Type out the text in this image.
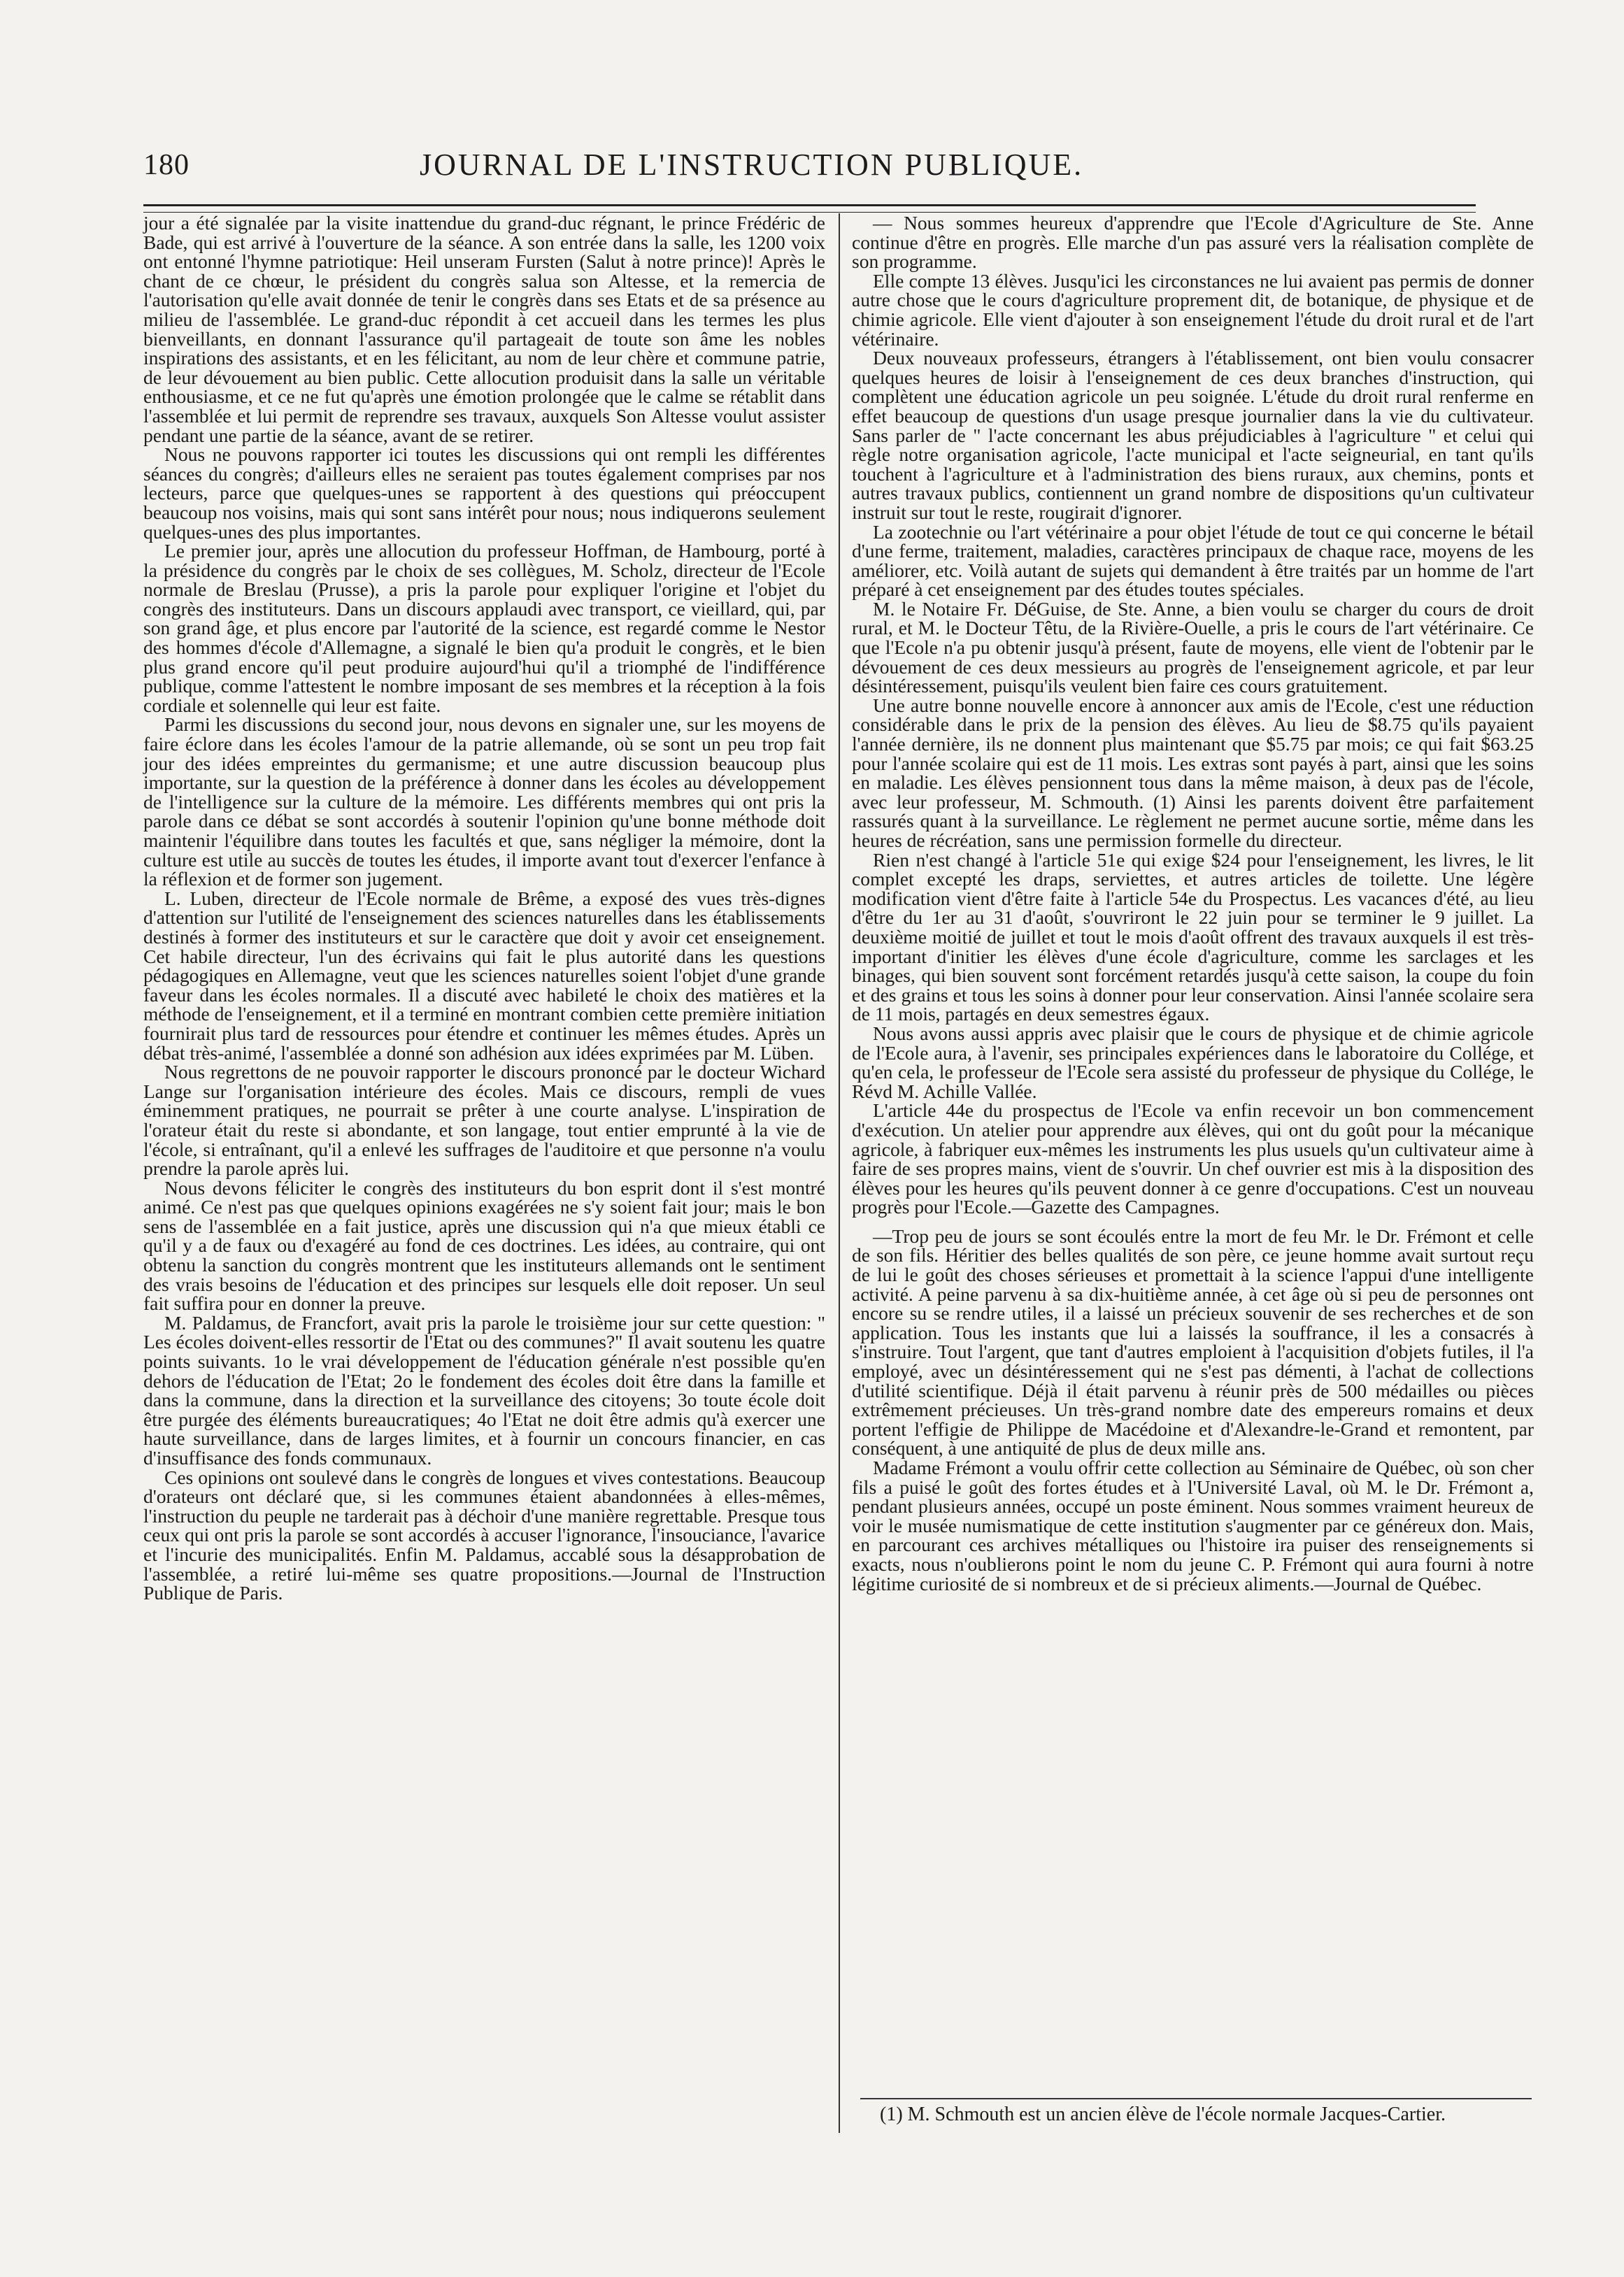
180	JOURNAL DE L'INSTRUCTION PUBLIQUE.

jour a été signalée par la visite inattendue du grand-duc régnant, le prince Frédéric de Bade, qui est arrivé à l'ouverture de la séance. A son entrée dans la salle, les 1200 voix ont entonné l'hymne patriotique: Heil unseram Fursten (Salut à notre prince)! Après le chant de ce chœur, le président du congrès salua son Altesse, et la remercia de l'autorisation qu'elle avait donnée de tenir le congrès dans ses Etats et de sa présence au milieu de l'assemblée. Le grand-duc répondit à cet accueil dans les termes les plus bienveillants, en donnant l'assurance qu'il partageait de toute son âme les nobles inspirations des assistants, et en les félicitant, au nom de leur chère et commune patrie, de leur dévouement au bien public. Cette allocution produisit dans la salle un véritable enthousiasme, et ce ne fut qu'après une émotion prolongée que le calme se rétablit dans l'assemblée et lui permit de reprendre ses travaux, auxquels Son Altesse voulut assister pendant une partie de la séance, avant de se retirer.

Nous ne pouvons rapporter ici toutes les discussions qui ont rempli les différentes séances du congrès; d'ailleurs elles ne seraient pas toutes également comprises par nos lecteurs, parce que quelques-unes se rapportent à des questions qui préoccupent beaucoup nos voisins, mais qui sont sans intérêt pour nous; nous indiquerons seulement quelques-unes des plus importantes.

Le premier jour, après une allocution du professeur Hoffman, de Hambourg, porté à la présidence du congrès par le choix de ses collègues, M. Scholz, directeur de l'Ecole normale de Breslau (Prusse), a pris la parole pour expliquer l'origine et l'objet du congrès des instituteurs. Dans un discours applaudi avec transport, ce vieillard, qui, par son grand âge, et plus encore par l'autorité de la science, est regardé comme le Nestor des hommes d'école d'Allemagne, a signalé le bien qu'a produit le congrès, et le bien plus grand encore qu'il peut produire aujourd'hui qu'il a triomphé de l'indifférence publique, comme l'attestent le nombre imposant de ses membres et la réception à la fois cordiale et solennelle qui leur est faite.

Parmi les discussions du second jour, nous devons en signaler une, sur les moyens de faire éclore dans les écoles l'amour de la patrie allemande, où se sont un peu trop fait jour des idées empreintes du germanisme; et une autre discussion beaucoup plus importante, sur la question de la préférence à donner dans les écoles au développement de l'intelligence sur la culture de la mémoire. Les différents membres qui ont pris la parole dans ce débat se sont accordés à soutenir l'opinion qu'une bonne méthode doit maintenir l'équilibre dans toutes les facultés et que, sans négliger la mémoire, dont la culture est utile au succès de toutes les études, il importe avant tout d'exercer l'enfance à la réflexion et de former son jugement.

L. Luben, directeur de l'Ecole normale de Brême, a exposé des vues très-dignes d'attention sur l'utilité de l'enseignement des sciences naturelles dans les établissements destinés à former des instituteurs et sur le caractère que doit y avoir cet enseignement. Cet habile directeur, l'un des écrivains qui fait le plus autorité dans les questions pédagogiques en Allemagne, veut que les sciences naturelles soient l'objet d'une grande faveur dans les écoles normales. Il a discuté avec habileté le choix des matières et la méthode de l'enseignement, et il a terminé en montrant combien cette première initiation fournirait plus tard de ressources pour étendre et continuer les mêmes études. Après un débat très-animé, l'assemblée a donné son adhésion aux idées exprimées par M. Lüben.

Nous regrettons de ne pouvoir rapporter le discours prononcé par le docteur Wichard Lange sur l'organisation intérieure des écoles. Mais ce discours, rempli de vues éminemment pratiques, ne pourrait se prêter à une courte analyse. L'inspiration de l'orateur était du reste si abondante, et son langage, tout entier emprunté à la vie de l'école, si entraînant, qu'il a enlevé les suffrages de l'auditoire et que personne n'a voulu prendre la parole après lui.

Nous devons féliciter le congrès des instituteurs du bon esprit dont il s'est montré animé. Ce n'est pas que quelques opinions exagérées ne s'y soient fait jour; mais le bon sens de l'assemblée en a fait justice, après une discussion qui n'a que mieux établi ce qu'il y a de faux ou d'exagéré au fond de ces doctrines. Les idées, au contraire, qui ont obtenu la sanction du congrès montrent que les instituteurs allemands ont le sentiment des vrais besoins de l'éducation et des principes sur lesquels elle doit reposer. Un seul fait suffira pour en donner la preuve.

M. Paldamus, de Francfort, avait pris la parole le troisième jour sur cette question: " Les écoles doivent-elles ressortir de l'Etat ou des communes?" Il avait soutenu les quatre points suivants. 1o le vrai développement de l'éducation générale n'est possible qu'en dehors de l'éducation de l'Etat; 2o le fondement des écoles doit être dans la famille et dans la commune, dans la direction et la surveillance des citoyens; 3o toute école doit être purgée des éléments bureaucratiques; 4o l'Etat ne doit être admis qu'à exercer une haute surveillance, dans de larges limites, et à fournir un concours financier, en cas d'insuffisance des fonds communaux.

Ces opinions ont soulevé dans le congrès de longues et vives contestations. Beaucoup d'orateurs ont déclaré que, si les communes étaient abandonnées à elles-mêmes, l'instruction du peuple ne tarderait pas à déchoir d'une manière regrettable. Presque tous ceux qui ont pris la parole se sont accordés à accuser l'ignorance, l'insouciance, l'avarice et l'incurie des municipalités. Enfin M. Paldamus, accablé sous la désapprobation de l'assemblée, a retiré lui-même ses quatre propositions.—Journal de l'Instruction Publique de Paris.

— Nous sommes heureux d'apprendre que l'Ecole d'Agriculture de Ste. Anne continue d'être en progrès. Elle marche d'un pas assuré vers la réalisation complète de son programme.

Elle compte 13 élèves. Jusqu'ici les circonstances ne lui avaient pas permis de donner autre chose que le cours d'agriculture proprement dit, de botanique, de physique et de chimie agricole. Elle vient d'ajouter à son enseignement l'étude du droit rural et de l'art vétérinaire.

Deux nouveaux professeurs, étrangers à l'établissement, ont bien voulu consacrer quelques heures de loisir à l'enseignement de ces deux branches d'instruction, qui complètent une éducation agricole un peu soignée. L'étude du droit rural renferme en effet beaucoup de questions d'un usage presque journalier dans la vie du cultivateur. Sans parler de " l'acte concernant les abus préjudiciables à l'agriculture " et celui qui règle notre organisation agricole, l'acte municipal et l'acte seigneurial, en tant qu'ils touchent à l'agriculture et à l'administration des biens ruraux, aux chemins, ponts et autres travaux publics, contiennent un grand nombre de dispositions qu'un cultivateur instruit sur tout le reste, rougirait d'ignorer.

La zootechnie ou l'art vétérinaire a pour objet l'étude de tout ce qui concerne le bétail d'une ferme, traitement, maladies, caractères principaux de chaque race, moyens de les améliorer, etc. Voilà autant de sujets qui demandent à être traités par un homme de l'art préparé à cet enseignement par des études toutes spéciales.

M. le Notaire Fr. DéGuise, de Ste. Anne, a bien voulu se charger du cours de droit rural, et M. le Docteur Têtu, de la Rivière-Ouelle, a pris le cours de l'art vétérinaire. Ce que l'Ecole n'a pu obtenir jusqu'à présent, faute de moyens, elle vient de l'obtenir par le dévouement de ces deux messieurs au progrès de l'enseignement agricole, et par leur désintéressement, puisqu'ils veulent bien faire ces cours gratuitement.

Une autre bonne nouvelle encore à annoncer aux amis de l'Ecole, c'est une réduction considérable dans le prix de la pension des élèves. Au lieu de $8.75 qu'ils payaient l'année dernière, ils ne donnent plus maintenant que $5.75 par mois; ce qui fait $63.25 pour l'année scolaire qui est de 11 mois. Les extras sont payés à part, ainsi que les soins en maladie. Les élèves pensionnent tous dans la même maison, à deux pas de l'école, avec leur professeur, M. Schmouth. (1) Ainsi les parents doivent être parfaitement rassurés quant à la surveillance. Le règlement ne permet aucune sortie, même dans les heures de récréation, sans une permission formelle du directeur.

Rien n'est changé à l'article 51e qui exige $24 pour l'enseignement, les livres, le lit complet excepté les draps, serviettes, et autres articles de toilette. Une légère modification vient d'être faite à l'article 54e du Prospectus. Les vacances d'été, au lieu d'être du 1er au 31 d'août, s'ouvriront le 22 juin pour se terminer le 9 juillet. La deuxième moitié de juillet et tout le mois d'août offrent des travaux auxquels il est très-important d'initier les élèves d'une école d'agriculture, comme les sarclages et les binages, qui bien souvent sont forcément retardés jusqu'à cette saison, la coupe du foin et des grains et tous les soins à donner pour leur conservation. Ainsi l'année scolaire sera de 11 mois, partagés en deux semestres égaux.

Nous avons aussi appris avec plaisir que le cours de physique et de chimie agricole de l'Ecole aura, à l'avenir, ses principales expériences dans le laboratoire du Collége, et qu'en cela, le professeur de l'Ecole sera assisté du professeur de physique du Collége, le Révd M. Achille Vallée.

L'article 44e du prospectus de l'Ecole va enfin recevoir un bon commencement d'exécution. Un atelier pour apprendre aux élèves, qui ont du goût pour la mécanique agricole, à fabriquer eux-mêmes les instruments les plus usuels qu'un cultivateur aime à faire de ses propres mains, vient de s'ouvrir. Un chef ouvrier est mis à la disposition des élèves pour les heures qu'ils peuvent donner à ce genre d'occupations. C'est un nouveau progrès pour l'Ecole.—Gazette des Campagnes.

—Trop peu de jours se sont écoulés entre la mort de feu Mr. le Dr. Frémont et celle de son fils. Héritier des belles qualités de son père, ce jeune homme avait surtout reçu de lui le goût des choses sérieuses et promettait à la science l'appui d'une intelligente activité. A peine parvenu à sa dix-huitième année, à cet âge où si peu de personnes ont encore su se rendre utiles, il a laissé un précieux souvenir de ses recherches et de son application. Tous les instants que lui a laissés la souffrance, il les a consacrés à s'instruire. Tout l'argent, que tant d'autres emploient à l'acquisition d'objets futiles, il l'a employé, avec un désintéressement qui ne s'est pas démenti, à l'achat de collections d'utilité scientifique. Déjà il était parvenu à réunir près de 500 médailles ou pièces extrêmement précieuses. Un très-grand nombre date des empereurs romains et deux portent l'effigie de Philippe de Macédoine et d'Alexandre-le-Grand et remontent, par conséquent, à une antiquité de plus de deux mille ans.

Madame Frémont a voulu offrir cette collection au Séminaire de Québec, où son cher fils a puisé le goût des fortes études et à l'Université Laval, où M. le Dr. Frémont a, pendant plusieurs années, occupé un poste éminent. Nous sommes vraiment heureux de voir le musée numismatique de cette institution s'augmenter par ce généreux don. Mais, en parcourant ces archives métalliques ou l'histoire ira puiser des renseignements si exacts, nous n'oublierons point le nom du jeune C. P. Frémont qui aura fourni à notre légitime curiosité de si nombreux et de si précieux aliments.—Journal de Québec.

(1) M. Schmouth est un ancien élève de l'école normale Jacques-Cartier.
